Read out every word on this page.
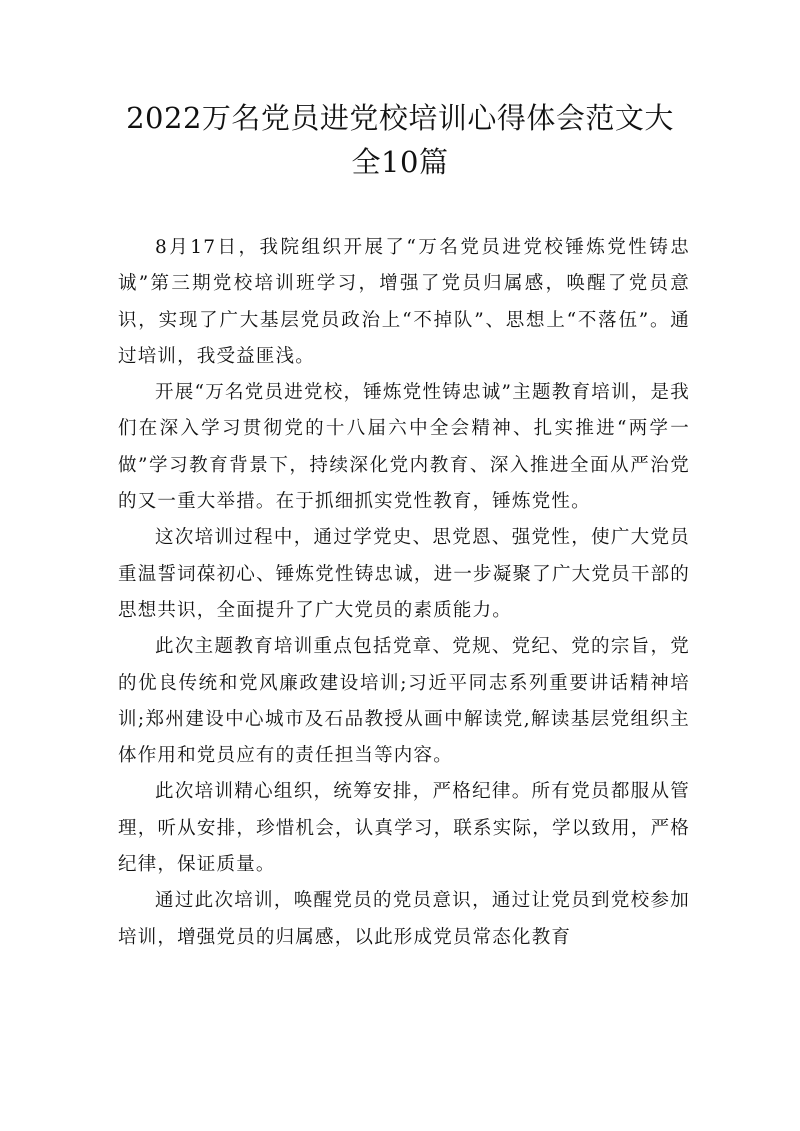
2022万名党员进党校培训心得体会范文大
全10篇

8月17日，我院组织开展了“万名党员进党校锤炼党性铸忠诚”第三期党校培训班学习，增强了党员归属感，唤醒了党员意识，实现了广大基层党员政治上“不掉队”、思想上“不落伍”。通过培训，我受益匪浅。

开展“万名党员进党校，锤炼党性铸忠诚”主题教育培训，是我们在深入学习贯彻党的十八届六中全会精神、扎实推进“两学一做”学习教育背景下，持续深化党内教育、深入推进全面从严治党的又一重大举措。在于抓细抓实党性教育，锤炼党性。

这次培训过程中，通过学党史、思党恩、强党性，使广大党员重温誓词葆初心、锤炼党性铸忠诚，进一步凝聚了广大党员干部的思想共识，全面提升了广大党员的素质能力。

此次主题教育培训重点包括党章、党规、党纪、党的宗旨，党的优良传统和党风廉政建设培训;习近平同志系列重要讲话精神培训;郑州建设中心城市及石品教授从画中解读党,解读基层党组织主体作用和党员应有的责任担当等内容。

此次培训精心组织，统筹安排，严格纪律。所有党员都服从管理，听从安排，珍惜机会，认真学习，联系实际，学以致用，严格纪律，保证质量。

通过此次培训，唤醒党员的党员意识，通过让党员到党校参加培训，增强党员的归属感，以此形成党员常态化教育
